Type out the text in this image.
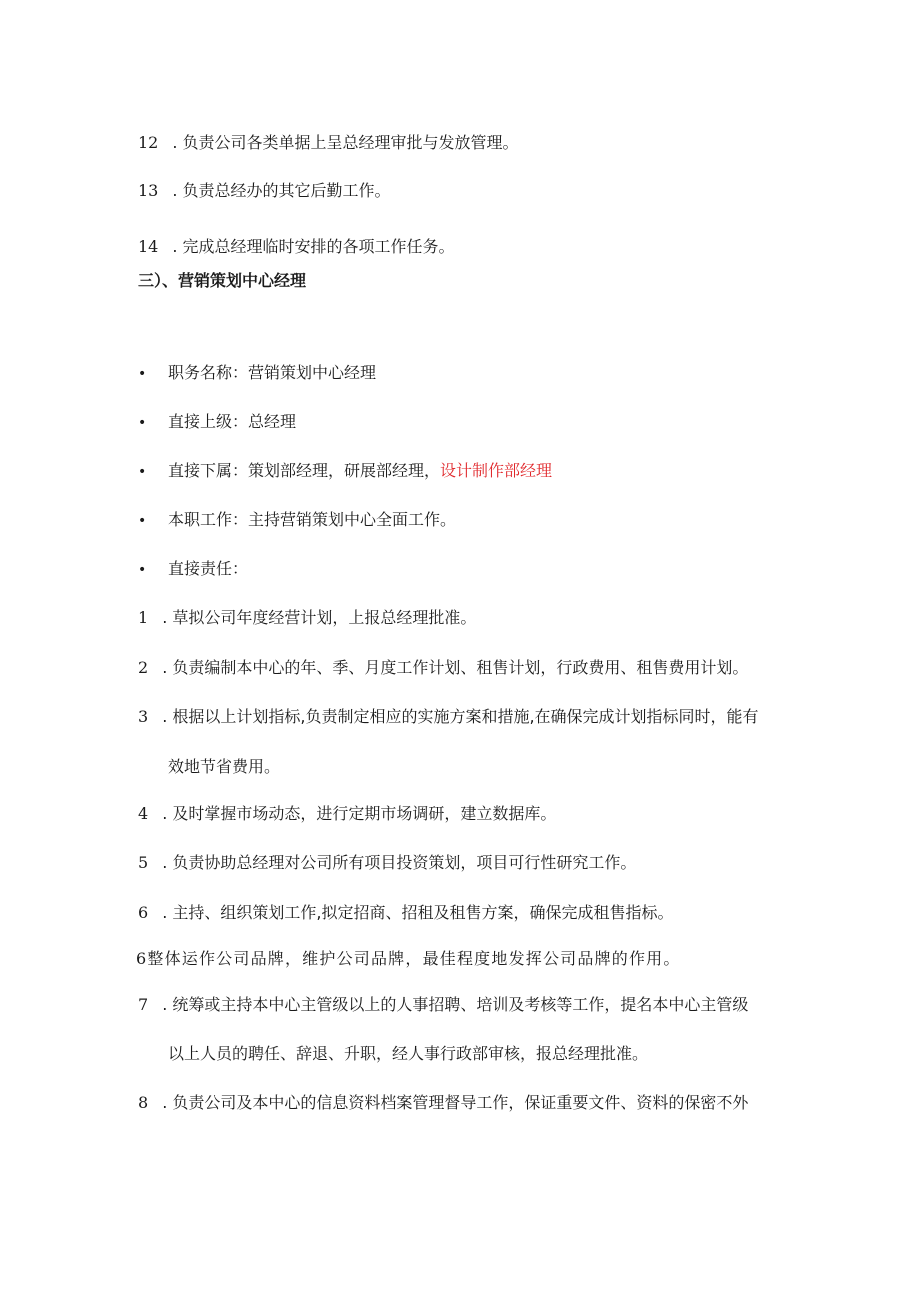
12 . 负责公司各类单据上呈总经理审批与发放管理。
13 . 负责总经办的其它后勤工作。
14 . 完成总经理临时安排的各项工作任务。
三）、营销策划中心经理
• 职务名称：营销策划中心经理
• 直接上级：总经理
• 直接下属：策划部经理，研展部经理，设计制作部经理
• 本职工作：主持营销策划中心全面工作。
• 直接责任：
1 . 草拟公司年度经营计划，上报总经理批准。
2 . 负责编制本中心的年、季、月度工作计划、租售计划，行政费用、租售费用计划。
3 . 根据以上计划指标,负责制定相应的实施方案和措施,在确保完成计划指标同时，能有
效地节省费用。
4 . 及时掌握市场动态，进行定期市场调研，建立数据库。
5 . 负责协助总经理对公司所有项目投资策划，项目可行性研究工作。
6 . 主持、组织策划工作,拟定招商、招租及租售方案，确保完成租售指标。
6整体运作公司品牌，维护公司品牌，最佳程度地发挥公司品牌的作用。
7 . 统筹或主持本中心主管级以上的人事招聘、培训及考核等工作，提名本中心主管级
以上人员的聘任、辞退、升职，经人事行政部审核，报总经理批准。
8 . 负责公司及本中心的信息资料档案管理督导工作，保证重要文件、资料的保密不外
